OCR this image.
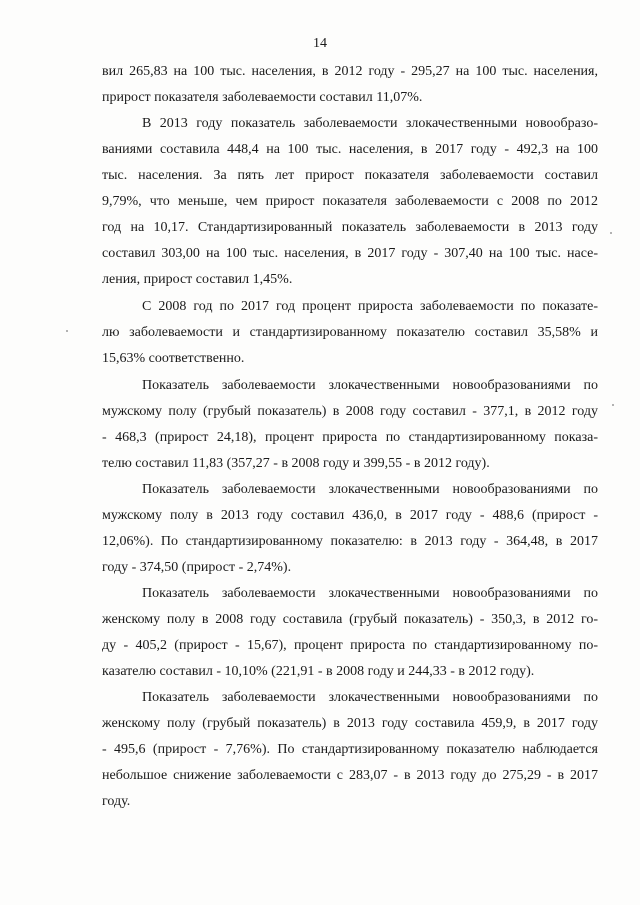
14
вил 265,83 на 100 тыс. населения, в 2012 году - 295,27 на 100 тыс. населения,
прирост показателя заболеваемости составил 11,07%.
В 2013 году показатель заболеваемости злокачественными новообразо-
ваниями составила 448,4 на 100 тыс. населения, в 2017 году - 492,3 на 100
тыс. населения. За пять лет прирост показателя заболеваемости составил
9,79%, что меньше, чем прирост показателя заболеваемости с 2008 по 2012
год на 10,17. Стандартизированный показатель заболеваемости в 2013 году
составил 303,00 на 100 тыс. населения, в 2017 году - 307,40 на 100 тыс. насе-
ления, прирост составил 1,45%.
С 2008 год по 2017 год процент прироста заболеваемости по показате-
лю заболеваемости и стандартизированному показателю составил 35,58% и
15,63% соответственно.
Показатель заболеваемости злокачественными новообразованиями по
мужскому полу (грубый показатель) в 2008 году составил - 377,1, в 2012 году
- 468,3 (прирост 24,18), процент прироста по стандартизированному показа-
телю составил 11,83 (357,27 - в 2008 году и 399,55 - в 2012 году).
Показатель заболеваемости злокачественными новообразованиями по
мужскому полу в 2013 году составил 436,0, в 2017 году - 488,6 (прирост -
12,06%). По стандартизированному показателю: в 2013 году - 364,48, в 2017
году - 374,50 (прирост - 2,74%).
Показатель заболеваемости злокачественными новообразованиями по
женскому полу в 2008 году составила (грубый показатель) - 350,3, в 2012 го-
ду - 405,2 (прирост - 15,67), процент прироста по стандартизированному по-
казателю составил - 10,10% (221,91 - в 2008 году и 244,33 - в 2012 году).
Показатель заболеваемости злокачественными новообразованиями по
женскому полу (грубый показатель) в 2013 году составила 459,9, в 2017 году
- 495,6 (прирост - 7,76%). По стандартизированному показателю наблюдается
небольшое снижение заболеваемости с 283,07 - в 2013 году до 275,29 - в 2017
году.
